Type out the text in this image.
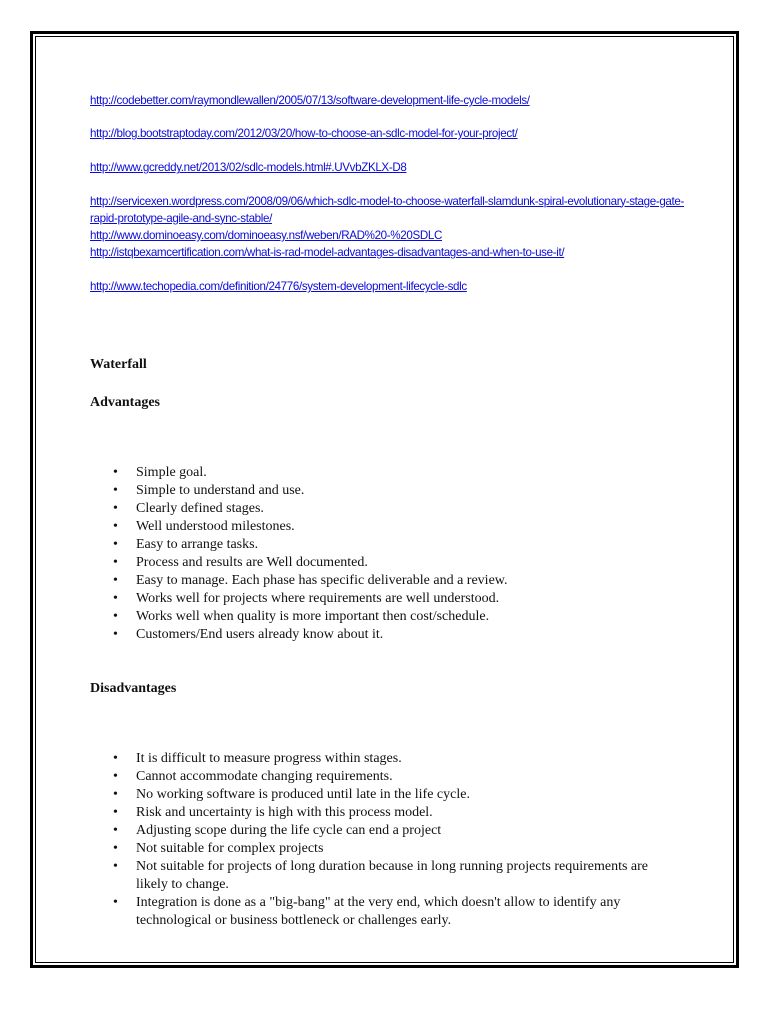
http://codebetter.com/raymondlewallen/2005/07/13/software-development-life-cycle-models/
http://blog.bootstraptoday.com/2012/03/20/how-to-choose-an-sdlc-model-for-your-project/
http://www.gcreddy.net/2013/02/sdlc-models.html#.UVvbZKLX-D8
http://servicexen.wordpress.com/2008/09/06/which-sdlc-model-to-choose-waterfall-slamdunk-spiral-evolutionary-stage-gate-rapid-prototype-agile-and-sync-stable/
http://www.dominoeasy.com/dominoeasy.nsf/weben/RAD%20-%20SDLC
http://istqbexamcertification.com/what-is-rad-model-advantages-disadvantages-and-when-to-use-it/
http://www.techopedia.com/definition/24776/system-development-lifecycle-sdlc
Waterfall
Advantages
• Simple goal.
• Simple to understand and use.
• Clearly defined stages.
• Well understood milestones.
• Easy to arrange tasks.
• Process and results are Well documented.
• Easy to manage. Each phase has specific deliverable and a review.
• Works well for projects where requirements are well understood.
• Works well when quality is more important then cost/schedule.
• Customers/End users already know about it.
Disadvantages
• It is difficult to measure progress within stages.
• Cannot accommodate changing requirements.
• No working software is produced until late in the life cycle.
• Risk and uncertainty is high with this process model.
• Adjusting scope during the life cycle can end a project
• Not suitable for complex projects
• Not suitable for projects of long duration because in long running projects requirements are likely to change.
• Integration is done as a "big-bang" at the very end, which doesn't allow to identify any technological or business bottleneck or challenges early.
